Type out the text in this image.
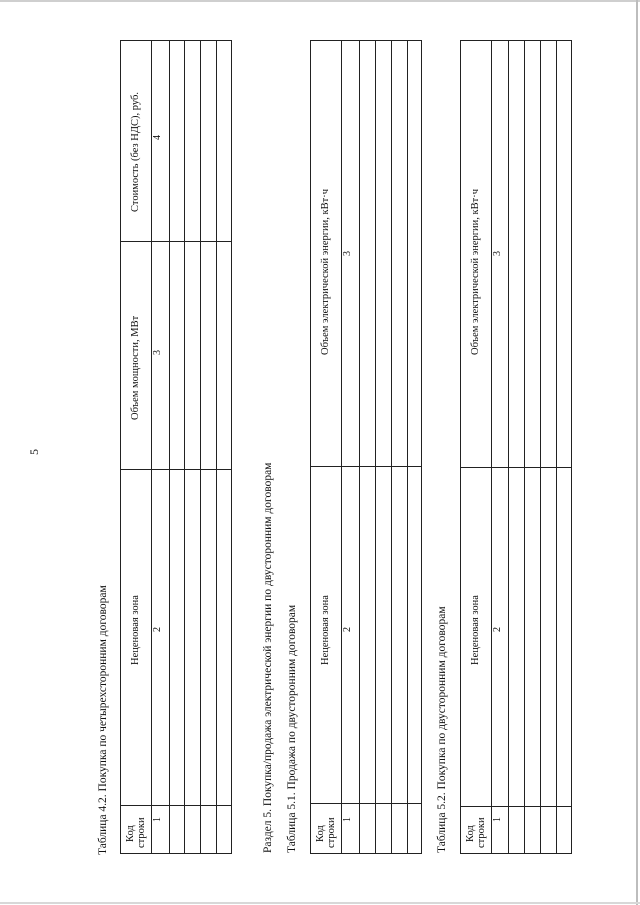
5
Таблица 4.2. Покупка по четырехсторонним договорам Код строки
Неценовая зона
Объем мощности, МВт
Стоимость (без НДС), руб.
1
2
3
4
Раздел 5. Покупка/продажа электрической энергии по двусторонним договорам Таблица 5.1. Продажа по двусторонним договорам Код строки
Неценовая зона
Объем электрической энергии, кВт·ч
1
2
3
Таблица 5.2. Покупка по двусторонним договорам Код строки
Неценовая зона
Объем электрической энергии, кВт·ч
1
2
3
